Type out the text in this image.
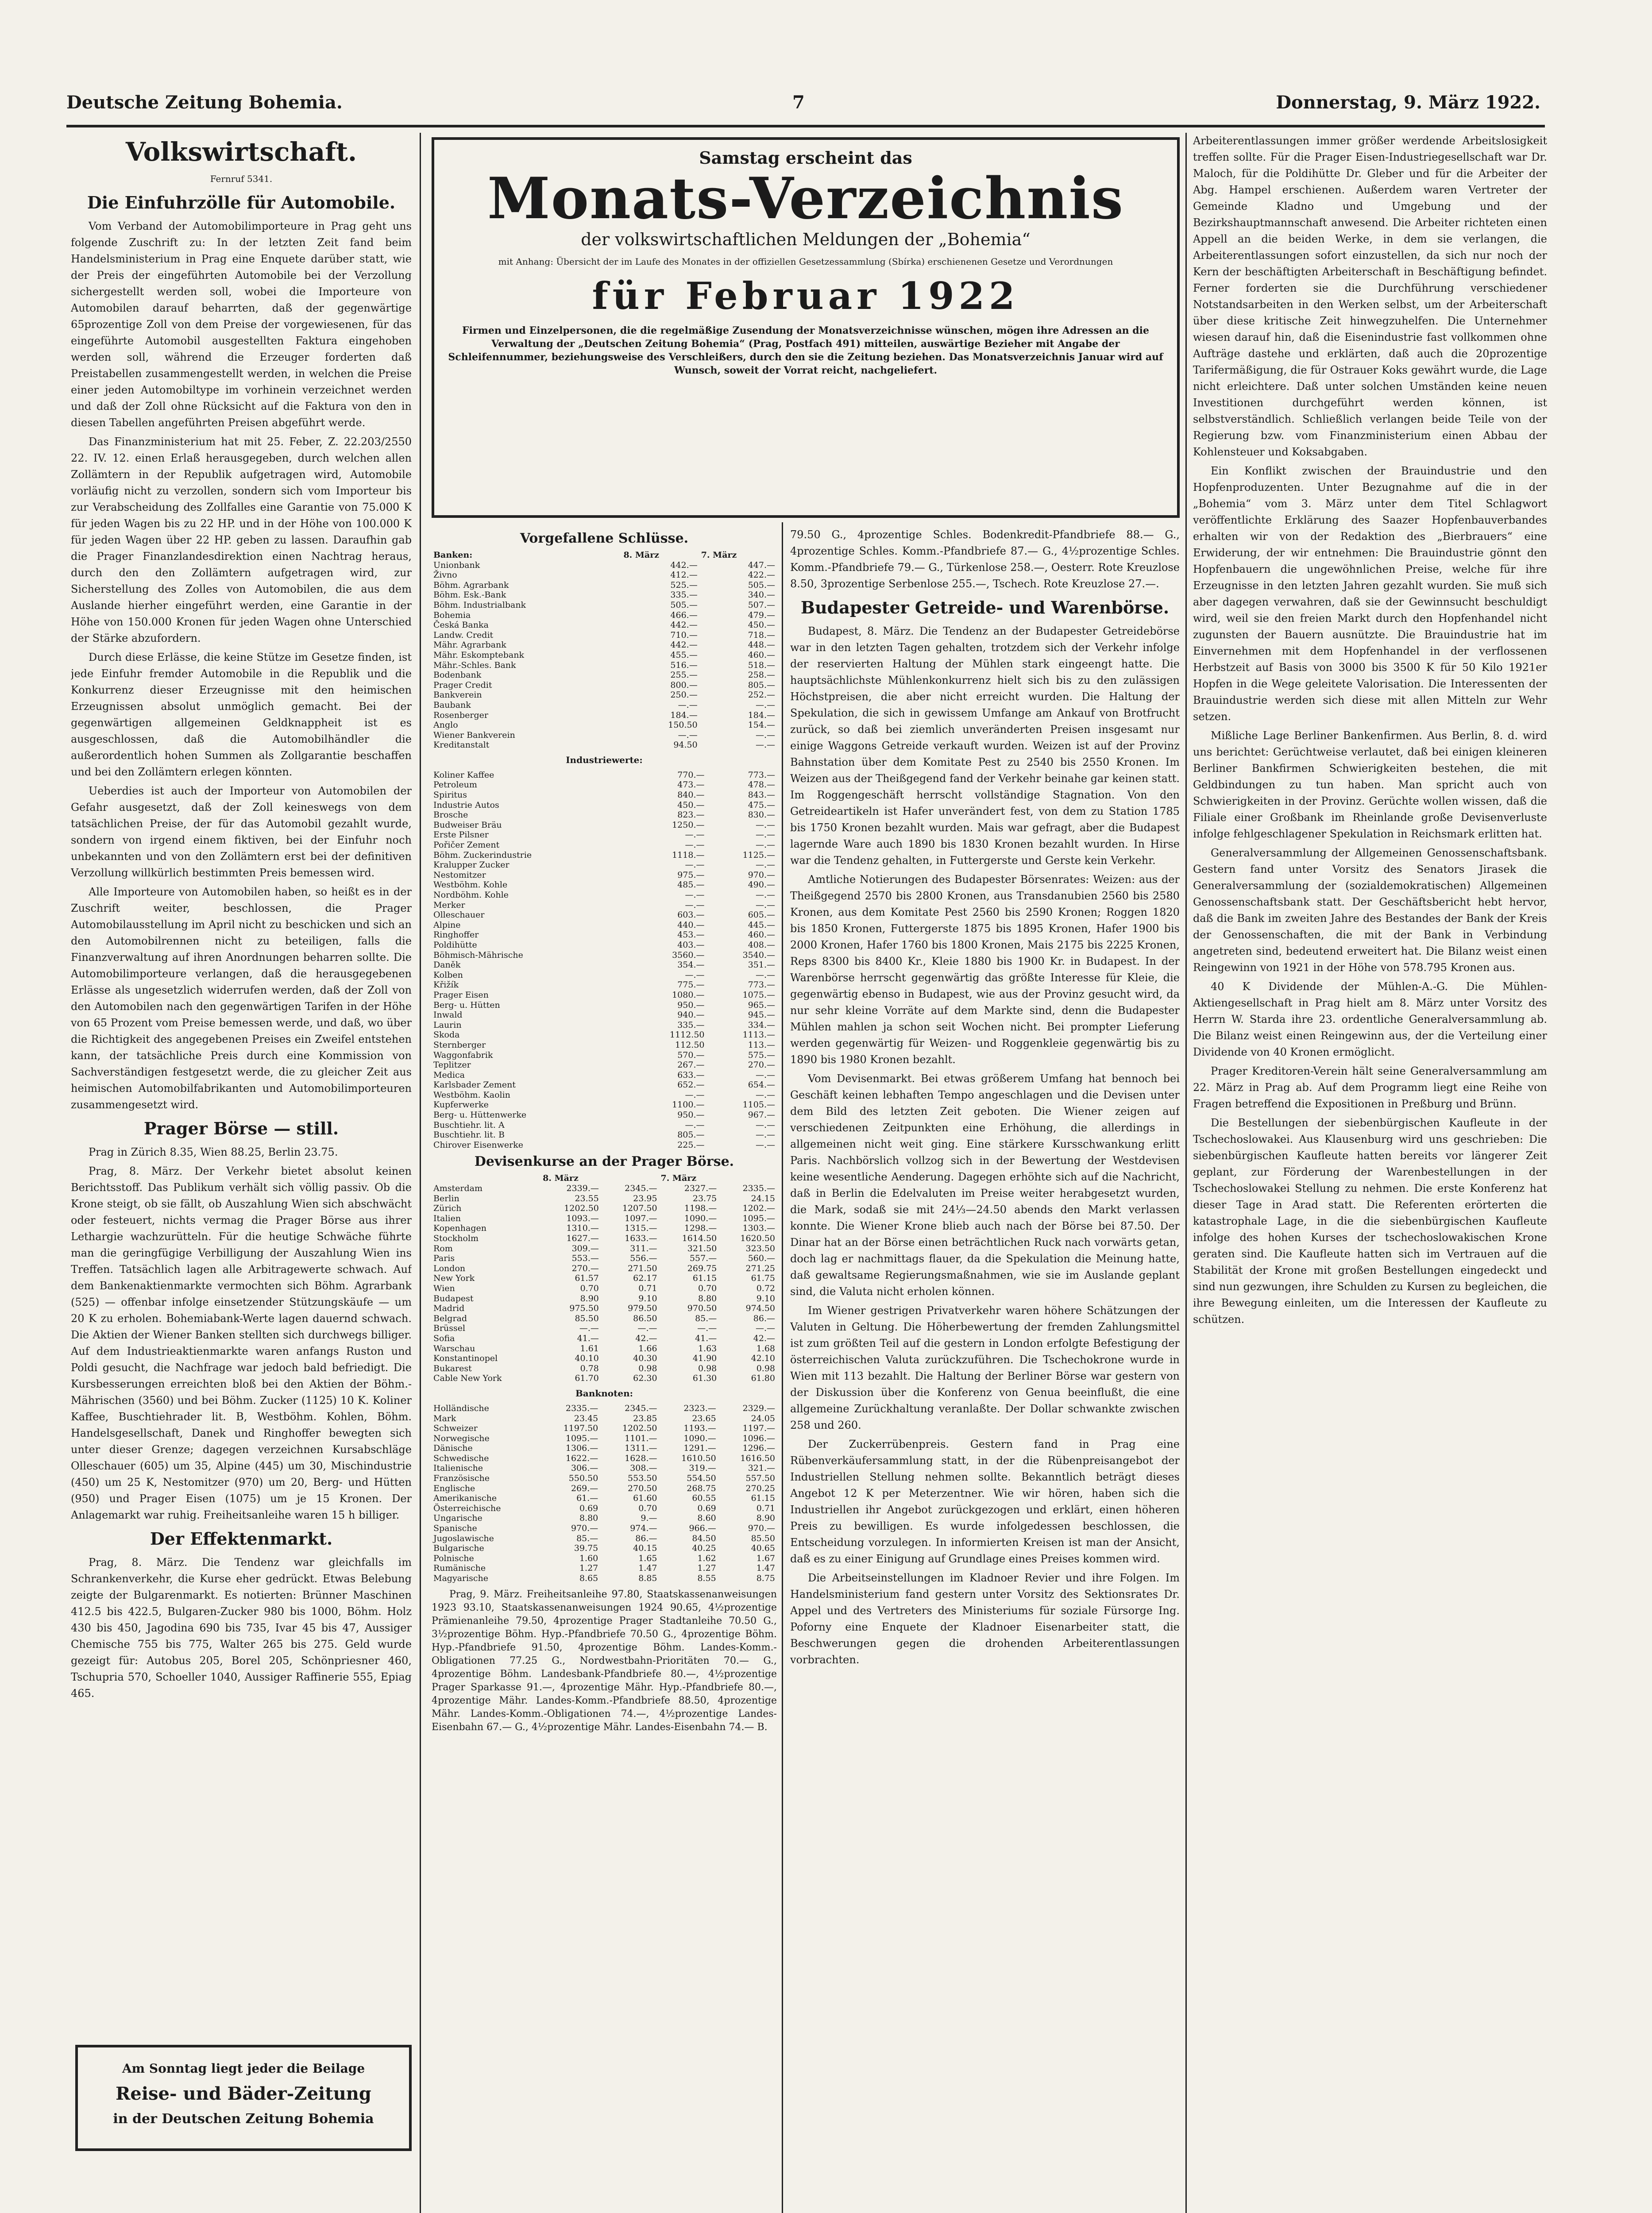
Deutsche Zeitung Bohemia.	7	Donnerstag, 9. März 1922.
Volkswirtschaft.
Fernruf 5341.
Die Einfuhrzölle für Automobile.

Vom Verband der Automobilimporteure in Prag geht uns folgende Zuschrift zu: In der letzten Zeit fand beim Handelsministerium in Prag eine Enquete darüber statt, wie der Preis der eingeführten Automobile bei der Verzollung sichergestellt werden soll, wobei die Importeure von Automobilen darauf beharrten, daß der gegenwärtige 65prozentige Zoll von dem Preise der vorgewiesenen, für das eingeführte Automobil ausgestellten Faktura eingehoben werden soll, während die Erzeuger forderten daß Preistabellen zusammengestellt werden, in welchen die Preise einer jeden Automobiltype im vorhinein verzeichnet werden und daß der Zoll ohne Rücksicht auf die Faktura von den in diesen Tabellen angeführten Preisen abgeführt werde.

Das Finanzministerium hat mit 25. Feber, Z. 22.203/2550 22. IV. 12. einen Erlaß herausgegeben, durch welchen allen Zollämtern in der Republik aufgetragen wird, Automobile vorläufig nicht zu verzollen, sondern sich vom Importeur bis zur Verabscheidung des Zollfalles eine Garantie von 75.000 K für jeden Wagen bis zu 22 HP. und in der Höhe von 100.000 K für jeden Wagen über 22 HP. geben zu lassen. Daraufhin gab die Prager Finanzlandesdirektion einen Nachtrag heraus, durch den den Zollämtern aufgetragen wird, zur Sicherstellung des Zolles von Automobilen, die aus dem Auslande hierher eingeführt werden, eine Garantie in der Höhe von 150.000 Kronen für jeden Wagen ohne Unterschied der Stärke abzufordern.

Durch diese Erlässe, die keine Stütze im Gesetze finden, ist jede Einfuhr fremder Automobile in die Republik und die Konkurrenz dieser Erzeugnisse mit den heimischen Erzeugnissen absolut unmöglich gemacht. Bei der gegenwärtigen allgemeinen Geldknappheit ist es ausgeschlossen, daß die Automobilhändler die außerordentlich hohen Summen als Zollgarantie beschaffen und bei den Zollämtern erlegen könnten.

Ueberdies ist auch der Importeur von Automobilen der Gefahr ausgesetzt, daß der Zoll keineswegs von dem tatsächlichen Preise, der für das Automobil gezahlt wurde, sondern von irgend einem fiktiven, bei der Einfuhr noch unbekannten und von den Zollämtern erst bei der definitiven Verzollung willkürlich bestimmten Preis bemessen wird.

Alle Importeure von Automobilen haben, so heißt es in der Zuschrift weiter, beschlossen, die Prager Automobilausstellung im April nicht zu beschicken und sich an den Automobilrennen nicht zu beteiligen, falls die Finanzverwaltung auf ihren Anordnungen beharren sollte. Die Automobilimporteure verlangen, daß die herausgegebenen Erlässe als ungesetzlich widerrufen werden, daß der Zoll von den Automobilen nach den gegenwärtigen Tarifen in der Höhe von 65 Prozent vom Preise bemessen werde, und daß, wo über die Richtigkeit des angegebenen Preises ein Zweifel entstehen kann, der tatsächliche Preis durch eine Kommission von Sachverständigen festgesetzt werde, die zu gleicher Zeit aus heimischen Automobilfabrikanten und Automobilimporteuren zusammengesetzt wird.

Prager Börse — still.

Prag in Zürich 8.35, Wien 88.25, Berlin 23.75.

Prag, 8. März. Der Verkehr bietet absolut keinen Berichtsstoff. Das Publikum verhält sich völlig passiv. Ob die Krone steigt, ob sie fällt, ob Auszahlung Wien sich abschwächt oder festeuert, nichts vermag die Prager Börse aus ihrer Lethargie wachzurütteln. Für die heutige Schwäche führte man die geringfügige Verbilligung der Auszahlung Wien ins Treffen. Tatsächlich lagen alle Arbitragewerte schwach. Auf dem Bankenaktienmarkte vermochten sich Böhm. Agrarbank (525) — offenbar infolge einsetzender Stützungskäufe — um 20 K zu erholen. Bohemiabank-Werte lagen dauernd schwach. Die Aktien der Wiener Banken stellten sich durchwegs billiger. Auf dem Industrieaktienmarkte waren anfangs Ruston und Poldi gesucht, die Nachfrage war jedoch bald befriedigt. Die Kursbesserungen erreichten bloß bei den Aktien der Böhm.-Mährischen (3560) und bei Böhm. Zucker (1125) 10 K. Koliner Kaffee, Buschtiehrader lit. B, Westböhm. Kohlen, Böhm. Handelsgesellschaft, Danek und Ringhoffer bewegten sich unter dieser Grenze; dagegen verzeichnen Kursabschläge Olleschauer (605) um 35, Alpine (445) um 30, Mischindustrie (450) um 25 K, Nestomitzer (970) um 20, Berg- und Hütten (950) und Prager Eisen (1075) um je 15 Kronen. Der Anlagemarkt war ruhig. Freiheitsanleihe waren 15 h billiger.

Der Effektenmarkt.

Prag, 8. März. Die Tendenz war gleichfalls im Schrankenverkehr, die Kurse eher gedrückt. Etwas Belebung zeigte der Bulgarenmarkt. Es notierten: Brünner Maschinen 412.5 bis 422.5, Bulgaren-Zucker 980 bis 1000, Böhm. Holz 430 bis 450, Jagodina 690 bis 735, Ivar 45 bis 47, Aussiger Chemische 755 bis 775, Walter 265 bis 275. Geld wurde gezeigt für: Autobus 205, Borel 205, Schönpriesner 460, Tschupria 570, Schoeller 1040, Aussiger Raffinerie 555, Epiag 465.

Am Sonntag liegt jeder die Beilage
Reise- und Bäder-Zeitung
in der Deutschen Zeitung Bohemia
Samstag erscheint das
Monats-Verzeichnis
der volkswirtschaftlichen Meldungen der „Bohemia“
mit Anhang: Übersicht der im Laufe des Monates in der offiziellen Gesetzessammlung (Sbírka) erschienenen Gesetze und Verordnungen
für Februar 1922
Firmen und Einzelpersonen, die die regelmäßige Zusendung der Monatsverzeichnisse wünschen, mögen ihre Adressen an die Verwaltung der „Deutschen Zeitung Bohemia“ (Prag, Postfach 491) mitteilen, auswärtige Bezieher mit Angabe der Schleifennummer, beziehungsweise des Verschleißers, durch den sie die Zeitung beziehen. Das Monatsverzeichnis Januar wird auf Wunsch, soweit der Vorrat reicht, nachgeliefert.
Vorgefallene Schlüsse.
Banken:	8. März	7. März
Unionbank	442.—	447.—
Živno	412.—	422.—
Böhm. Agrarbank	525.—	505.—
Böhm. Esk.-Bank	335.—	340.—
Böhm. Industrialbank	505.—	507.—
Bohemia	466.—	479.—
Česká Banka	442.—	450.—
Landw. Credit	710.—	718.—
Mähr. Agrarbank	442.—	448.—
Mähr. Eskomptebank	455.—	460.—
Mähr.-Schles. Bank	516.—	518.—
Bodenbank	255.—	258.—
Prager Credit	800.—	805.—
Bankverein	250.—	252.—
Baubank	—.—	—.—
Rosenberger	184.—	184.—
Anglo	150.50	154.—
Wiener Bankverein	—.—	—.—
Kreditanstalt	94.50	—.—
Industriewerte:
Koliner Kaffee	770.—	773.—
Petroleum	473.—	478.—
Spiritus	840.—	843.—
Industrie Autos	450.—	475.—
Brosche	823.—	830.—
Budweiser Bräu	1250.—	—.—
Erste Pilsner	—.—	—.—
Pořičer Zement	—.—	—.—
Böhm. Zuckerindustrie	1118.—	1125.—
Kralupper Zucker	—.—	—.—
Nestomitzer	975.—	970.—
Westböhm. Kohle	485.—	490.—
Nordböhm. Kohle	—.—	—.—
Merker	—.—	—.—
Olleschauer	603.—	605.—
Alpine	440.—	445.—
Ringhoffer	453.—	460.—
Poldihütte	403.—	408.—
Böhmisch-Mährische	3560.—	3540.—
Daněk	354.—	351.—
Kolben	—.—	—.—
Křižík	775.—	773.—
Prager Eisen	1080.—	1075.—
Berg- u. Hütten	950.—	965.—
Inwald	940.—	945.—
Laurin	335.—	334.—
Skoda	1112.50	1113.—
Sternberger	112.50	113.—
Waggonfabrik	570.—	575.—
Teplitzer	267.—	270.—
Medica	633.—	—.—
Karlsbader Zement	652.—	654.—
Westböhm. Kaolin	—.—	—.—
Kupferwerke	1100.—	1105.—
Berg- u. Hüttenwerke	950.—	967.—
Buschtiehr. lit. A	—.—	—.—
Buschtiehr. lit. B	805.—	—.—
Chirover Eisenwerke	225.—	—.—
Devisenkurse an der Prager Börse.
	8. März		7. März	
Amsterdam	2339.—	2345.—	2327.—	2335.—
Berlin	23.55	23.95	23.75	24.15
Zürich	1202.50	1207.50	1198.—	1202.—
Italien	1093.—	1097.—	1090.—	1095.—
Kopenhagen	1310.—	1315.—	1298.—	1303.—
Stockholm	1627.—	1633.—	1614.50	1620.50
Rom	309.—	311.—	321.50	323.50
Paris	553.—	556.—	557.—	560.—
London	270.—	271.50	269.75	271.25
New York	61.57	62.17	61.15	61.75
Wien	0.70	0.71	0.70	0.72
Budapest	8.90	9.10	8.80	9.10
Madrid	975.50	979.50	970.50	974.50
Belgrad	85.50	86.50	85.—	86.—
Brüssel	—.—	—.—	—.—	—.—
Sofia	41.—	42.—	41.—	42.—
Warschau	1.61	1.66	1.63	1.68
Konstantinopel	40.10	40.30	41.90	42.10
Bukarest	0.78	0.98	0.98	0.98
Cable New York	61.70	62.30	61.30	61.80
Banknoten:
Holländische	2335.—	2345.—	2323.—	2329.—
Mark	23.45	23.85	23.65	24.05
Schweizer	1197.50	1202.50	1193.—	1197.—
Norwegische	1095.—	1101.—	1090.—	1096.—
Dänische	1306.—	1311.—	1291.—	1296.—
Schwedische	1622.—	1628.—	1610.50	1616.50
Italienische	306.—	308.—	319.—	321.—
Französische	550.50	553.50	554.50	557.50
Englische	269.—	270.50	268.75	270.25
Amerikanische	61.—	61.60	60.55	61.15
Österreichische	0.69	0.70	0.69	0.71
Ungarische	8.80	9.—	8.60	8.90
Spanische	970.—	974.—	966.—	970.—
Jugoslawische	85.—	86.—	84.50	85.50
Bulgarische	39.75	40.15	40.25	40.65
Polnische	1.60	1.65	1.62	1.67
Rumänische	1.27	1.47	1.27	1.47
Magyarische	8.65	8.85	8.55	8.75

Prag, 9. März. Freiheitsanleihe 97.80, Staatskassenanweisungen 1923 93.10, Staatskassenanweisungen 1924 90.65, 4½prozentige Prämienanleihe 79.50, 4prozentige Prager Stadtanleihe 70.50 G., 3½prozentige Böhm. Hyp.-Pfandbriefe 70.50 G., 4prozentige Böhm. Hyp.-Pfandbriefe 91.50, 4prozentige Böhm. Landes-Komm.-Obligationen 77.25 G., Nordwestbahn-Prioritäten 70.— G., 4prozentige Böhm. Landesbank-Pfandbriefe 80.—, 4½prozentige Prager Sparkasse 91.—, 4prozentige Mähr. Hyp.-Pfandbriefe 80.—, 4prozentige Mähr. Landes-Komm.-Pfandbriefe 88.50, 4prozentige Mähr. Landes-Komm.-Obligationen 74.—, 4½prozentige Landes-Eisenbahn 67.— G., 4½prozentige Mähr. Landes-Eisenbahn 74.— B.

79.50 G., 4prozentige Schles. Bodenkredit-Pfandbriefe 88.— G., 4prozentige Schles. Komm.-Pfandbriefe 87.— G., 4½prozentige Schles. Komm.-Pfandbriefe 79.— G., Türkenlose 258.—, Oesterr. Rote Kreuzlose 8.50, 3prozentige Serbenlose 255.—, Tschech. Rote Kreuzlose 27.—.

Budapester Getreide- und Warenbörse.

Budapest, 8. März. Die Tendenz an der Budapester Getreidebörse war in den letzten Tagen gehalten, trotzdem sich der Verkehr infolge der reservierten Haltung der Mühlen stark eingeengt hatte. Die hauptsächlichste Mühlenkonkurrenz hielt sich bis zu den zulässigen Höchstpreisen, die aber nicht erreicht wurden. Die Haltung der Spekulation, die sich in gewissem Umfange am Ankauf von Brotfrucht zurück, so daß bei ziemlich unveränderten Preisen insgesamt nur einige Waggons Getreide verkauft wurden. Weizen ist auf der Provinz Bahnstation über dem Komitate Pest zu 2540 bis 2550 Kronen. Im Weizen aus der Theißgegend fand der Verkehr beinahe gar keinen statt. Im Roggengeschäft herrscht vollständige Stagnation. Von den Getreideartikeln ist Hafer unverändert fest, von dem zu Station 1785 bis 1750 Kronen bezahlt wurden. Mais war gefragt, aber die Budapest lagernde Ware auch 1890 bis 1830 Kronen bezahlt wurden. In Hirse war die Tendenz gehalten, in Futtergerste und Gerste kein Verkehr.

Amtliche Notierungen des Budapester Börsenrates: Weizen: aus der Theißgegend 2570 bis 2800 Kronen, aus Transdanubien 2560 bis 2580 Kronen, aus dem Komitate Pest 2560 bis 2590 Kronen; Roggen 1820 bis 1850 Kronen, Futtergerste 1875 bis 1895 Kronen, Hafer 1900 bis 2000 Kronen, Hafer 1760 bis 1800 Kronen, Mais 2175 bis 2225 Kronen, Reps 8300 bis 8400 Kr., Kleie 1880 bis 1900 Kr. in Budapest. In der Warenbörse herrscht gegenwärtig das größte Interesse für Kleie, die gegenwärtig ebenso in Budapest, wie aus der Provinz gesucht wird, da nur sehr kleine Vorräte auf dem Markte sind, denn die Budapester Mühlen mahlen ja schon seit Wochen nicht. Bei prompter Lieferung werden gegenwärtig für Weizen- und Roggenkleie gegenwärtig bis zu 1890 bis 1980 Kronen bezahlt.

Vom Devisenmarkt. Bei etwas größerem Umfang hat bennoch bei Geschäft keinen lebhaften Tempo angeschlagen und die Devisen unter dem Bild des letzten Zeit geboten. Die Wiener zeigen auf verschiedenen Zeitpunkten eine Erhöhung, die allerdings in allgemeinen nicht weit ging. Eine stärkere Kursschwankung erlitt Paris. Nachbörslich vollzog sich in der Bewertung der Westdevisen keine wesentliche Aenderung. Dagegen erhöhte sich auf die Nachricht, daß in Berlin die Edelvaluten im Preise weiter herabgesetzt wurden, die Mark, sodaß sie mit 24⅓—24.50 abends den Markt verlassen konnte. Die Wiener Krone blieb auch nach der Börse bei 87.50. Der Dinar hat an der Börse einen beträchtlichen Ruck nach vorwärts getan, doch lag er nachmittags flauer, da die Spekulation die Meinung hatte, daß gewaltsame Regierungsmaßnahmen, wie sie im Auslande geplant sind, die Valuta nicht erholen können.

Im Wiener gestrigen Privatverkehr waren höhere Schätzungen der Valuten in Geltung. Die Höherbewertung der fremden Zahlungsmittel ist zum größten Teil auf die gestern in London erfolgte Befestigung der österreichischen Valuta zurückzuführen. Die Tschechokrone wurde in Wien mit 113 bezahlt. Die Haltung der Berliner Börse war gestern von der Diskussion über die Konferenz von Genua beeinflußt, die eine allgemeine Zurückhaltung veranlaßte. Der Dollar schwankte zwischen 258 und 260.

Der Zuckerrübenpreis. Gestern fand in Prag eine Rübenverkäufersammlung statt, in der die Rübenpreisangebot der Industriellen Stellung nehmen sollte. Bekanntlich beträgt dieses Angebot 12 K per Meterzentner. Wie wir hören, haben sich die Industriellen ihr Angebot zurückgezogen und erklärt, einen höheren Preis zu bewilligen. Es wurde infolgedessen beschlossen, die Entscheidung vorzulegen. In informierten Kreisen ist man der Ansicht, daß es zu einer Einigung auf Grundlage eines Preises kommen wird.

Die Arbeitseinstellungen im Kladnoer Revier und ihre Folgen. Im Handelsministerium fand gestern unter Vorsitz des Sektionsrates Dr. Appel und des Vertreters des Ministeriums für soziale Fürsorge Ing. Poforny eine Enquete der Kladnoer Eisenarbeiter statt, die Beschwerungen gegen die drohenden Arbeiterentlassungen vorbrachten.

Arbeiterentlassungen immer größer werdende Arbeitslosigkeit treffen sollte. Für die Prager Eisen-Industriegesellschaft war Dr. Maloch, für die Poldihütte Dr. Gleber und für die Arbeiter der Abg. Hampel erschienen. Außerdem waren Vertreter der Gemeinde Kladno und Umgebung und der Bezirkshauptmannschaft anwesend. Die Arbeiter richteten einen Appell an die beiden Werke, in dem sie verlangen, die Arbeiterentlassungen sofort einzustellen, da sich nur noch der Kern der beschäftigten Arbeiterschaft in Beschäftigung befindet. Ferner forderten sie die Durchführung verschiedener Notstandsarbeiten in den Werken selbst, um der Arbeiterschaft über diese kritische Zeit hinwegzuhelfen. Die Unternehmer wiesen darauf hin, daß die Eisenindustrie fast vollkommen ohne Aufträge dastehe und erklärten, daß auch die 20prozentige Tarifermäßigung, die für Ostrauer Koks gewährt wurde, die Lage nicht erleichtere. Daß unter solchen Umständen keine neuen Investitionen durchgeführt werden können, ist selbstverständlich. Schließlich verlangen beide Teile von der Regierung bzw. vom Finanzministerium einen Abbau der Kohlensteuer und Koksabgaben.

Ein Konflikt zwischen der Brauindustrie und den Hopfenproduzenten. Unter Bezugnahme auf die in der „Bohemia“ vom 3. März unter dem Titel Schlagwort veröffentlichte Erklärung des Saazer Hopfenbauverbandes erhalten wir von der Redaktion des „Bierbrauers“ eine Erwiderung, der wir entnehmen: Die Brauindustrie gönnt den Hopfenbauern die ungewöhnlichen Preise, welche für ihre Erzeugnisse in den letzten Jahren gezahlt wurden. Sie muß sich aber dagegen verwahren, daß sie der Gewinnsucht beschuldigt wird, weil sie den freien Markt durch den Hopfenhandel nicht zugunsten der Bauern ausnützte. Die Brauindustrie hat im Einvernehmen mit dem Hopfenhandel in der verflossenen Herbstzeit auf Basis von 3000 bis 3500 K für 50 Kilo 1921er Hopfen in die Wege geleitete Valorisation. Die Interessenten der Brauindustrie werden sich diese mit allen Mitteln zur Wehr setzen.

Mißliche Lage Berliner Bankenfirmen. Aus Berlin, 8. d. wird uns berichtet: Gerüchtweise verlautet, daß bei einigen kleineren Berliner Bankfirmen Schwierigkeiten bestehen, die mit Geldbindungen zu tun haben. Man spricht auch von Schwierigkeiten in der Provinz. Gerüchte wollen wissen, daß die Filiale einer Großbank im Rheinlande große Devisenverluste infolge fehlgeschlagener Spekulation in Reichsmark erlitten hat.

Generalversammlung der Allgemeinen Genossenschaftsbank. Gestern fand unter Vorsitz des Senators Jirasek die Generalversammlung der (sozialdemokratischen) Allgemeinen Genossenschaftsbank statt. Der Geschäftsbericht hebt hervor, daß die Bank im zweiten Jahre des Bestandes der Bank der Kreis der Genossenschaften, die mit der Bank in Verbindung angetreten sind, bedeutend erweitert hat. Die Bilanz weist einen Reingewinn von 1921 in der Höhe von 578.795 Kronen aus.

40 K Dividende der Mühlen-A.-G. Die Mühlen-Aktiengesellschaft in Prag hielt am 8. März unter Vorsitz des Herrn W. Starda ihre 23. ordentliche Generalversammlung ab. Die Bilanz weist einen Reingewinn aus, der die Verteilung einer Dividende von 40 Kronen ermöglicht.

Prager Kreditoren-Verein hält seine Generalversammlung am 22. März in Prag ab. Auf dem Programm liegt eine Reihe von Fragen betreffend die Expositionen in Preßburg und Brünn.

Die Bestellungen der siebenbürgischen Kaufleute in der Tschechoslowakei. Aus Klausenburg wird uns geschrieben: Die siebenbürgischen Kaufleute hatten bereits vor längerer Zeit geplant, zur Förderung der Warenbestellungen in der Tschechoslowakei Stellung zu nehmen. Die erste Konferenz hat dieser Tage in Arad statt. Die Referenten erörterten die katastrophale Lage, in die die siebenbürgischen Kaufleute infolge des hohen Kurses der tschechoslowakischen Krone geraten sind. Die Kaufleute hatten sich im Vertrauen auf die Stabilität der Krone mit großen Bestellungen eingedeckt und sind nun gezwungen, ihre Schulden zu Kursen zu begleichen, die ihre Bewegung einleiten, um die Interessen der Kaufleute zu schützen.
